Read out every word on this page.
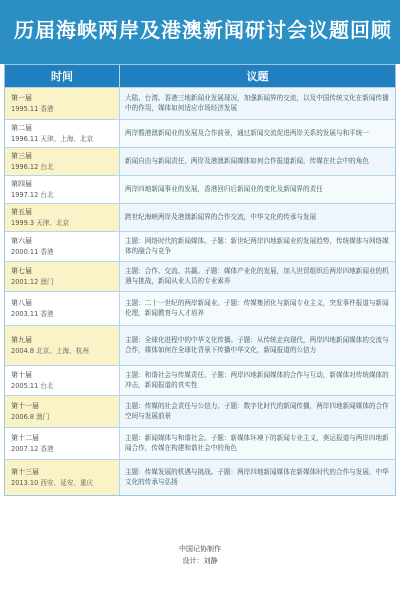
历届海峡两岸及港澳新闻研讨会议题回顾
时间	议题
第一届
1995.11 香港
大陆、台湾、香港三地新闻业发展现况，加强新闻界的交流，以及中国传统文化在新闻传播中的作用，媒体如何适应市场经济发展
第二届
1996.11 天津、上海、北京
两岸暨港澳新闻业的发展及合作前景，通过新闻交流促进两岸关系的发展与和平统一
第三届
1996.12 台北
新闻自由与新闻责任，两岸及港澳新闻媒体如何合作报道新闻，传媒在社会中的角色
第四届
1997.12 台北
两岸四地新闻事业的发展，香港回归后新闻业的变化及新闻界的责任
第五届
1999.3 天津、北京
跨世纪海峡两岸及港澳新闻界的合作交流，中华文化的传承与发展
第六届
2000.11 香港
主题：网络时代的新闻媒体。子题：新世纪两岸四地新闻业的发展趋势，传统媒体与网络媒体的融合与竞争
第七届
2001.12 澳门
主题：合作、交流、共赢。子题：媒体产业化的发展，加入世贸组织后两岸四地新闻业的机遇与挑战，新闻从业人员的专业素养
第八届
2003.11 香港
主题：二十一世纪的两岸新闻业。子题：传媒集团化与新闻专业主义，突发事件报道与新闻伦理，新闻教育与人才培养
第九届
2004.8 北京、上海、杭州
主题：全球化进程中的中华文化传播。子题：从传统走向现代，两岸四地新闻媒体的交流与合作，媒体如何在全球化背景下传播中华文化，新闻报道的公信力
第十届
2005.11 台北
主题：和谐社会与传媒责任。子题：两岸四地新闻媒体的合作与互动，新媒体对传统媒体的冲击，新闻报道的真实性
第十一届
2006.8 澳门
主题：传媒的社会责任与公信力。子题：数字化时代的新闻传播，两岸四地新闻媒体的合作空间与发展前景
第十二届
2007.12 香港
主题：新闻媒体与和谐社会。子题：新媒体环境下的新闻专业主义，奥运报道与两岸四地新闻合作，传媒在构建和谐社会中的角色
第十三届
2013.10 西安、延安、重庆
主题：传媒发展的机遇与挑战。子题：两岸四地新闻媒体在新媒体时代的合作与发展，中华文化的传承与弘扬
中国记协制作
设计：刘静
